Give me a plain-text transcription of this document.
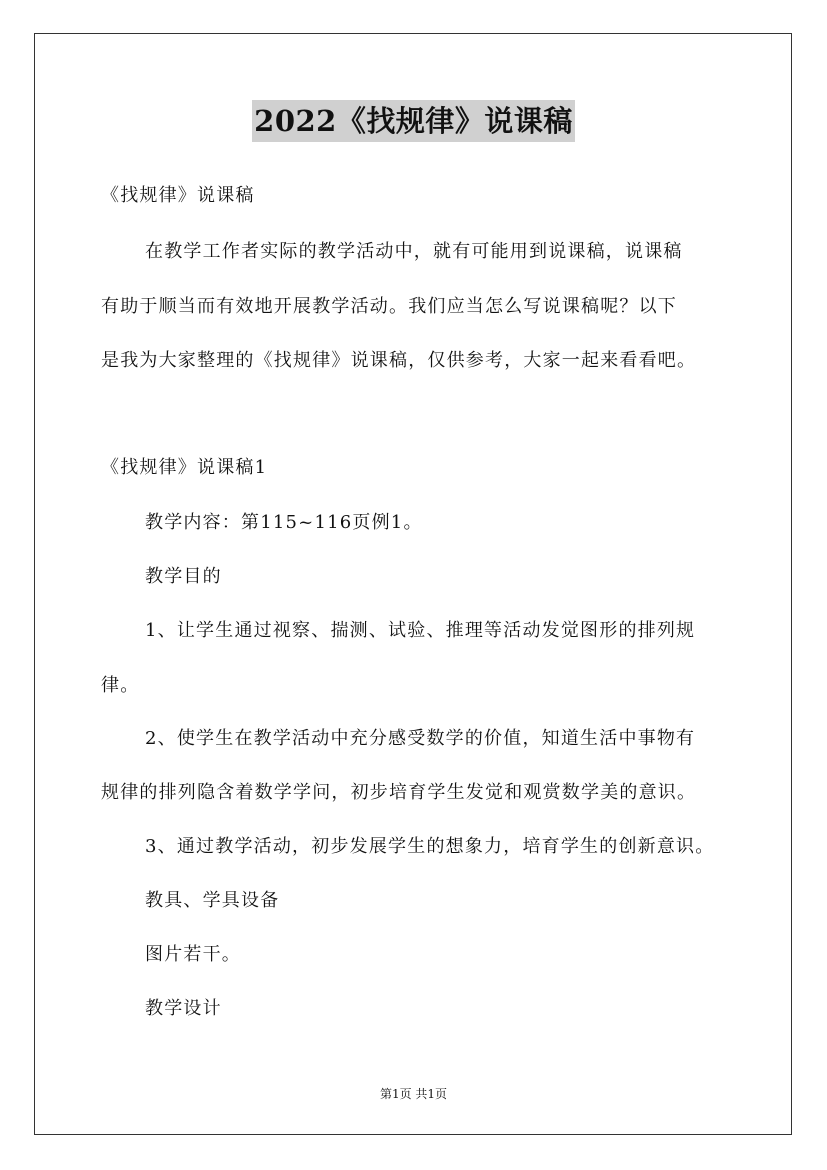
2022《找规律》说课稿
《找规律》说课稿
在教学工作者实际的教学活动中，就有可能用到说课稿，说课稿
有助于顺当而有效地开展教学活动。我们应当怎么写说课稿呢？以下
是我为大家整理的《找规律》说课稿，仅供参考，大家一起来看看吧。
《找规律》说课稿1
教学内容：第115~116页例1。
教学目的
1、让学生通过视察、揣测、试验、推理等活动发觉图形的排列规
律。
2、使学生在教学活动中充分感受数学的价值，知道生活中事物有
规律的排列隐含着数学学问，初步培育学生发觉和观赏数学美的意识。
3、通过教学活动，初步发展学生的想象力，培育学生的创新意识。
教具、学具设备
图片若干。
教学设计
第1页 共1页
